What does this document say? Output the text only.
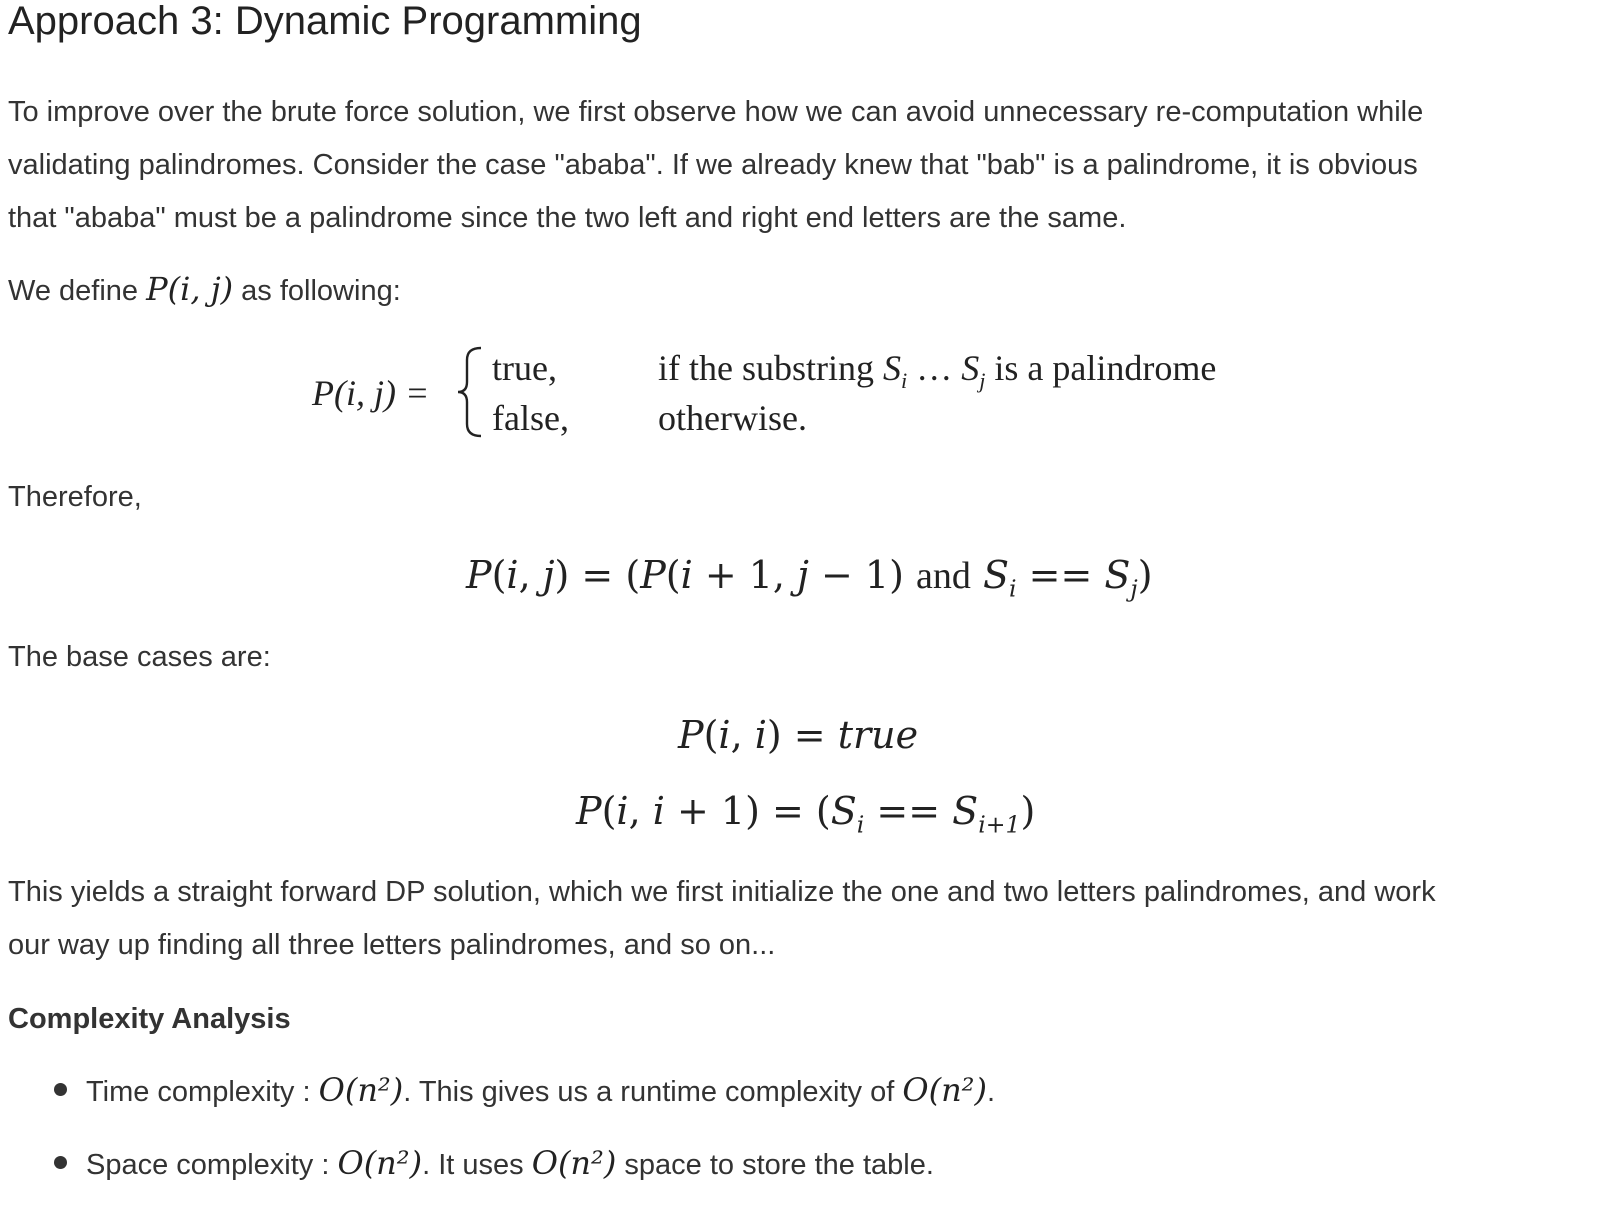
Approach 3: Dynamic Programming
To improve over the brute force solution, we first observe how we can avoid unnecessary re-computation while
validating palindromes. Consider the case "ababa". If we already knew that "bab" is a palindrome, it is obvious
that "ababa" must be a palindrome since the two left and right end letters are the same.
We define P(i, j) as following:
P(i, j) =
true,
false,
if the substring $S_i$ … $S_j$ is a palindrome
otherwise.
Therefore,
P(i, j) = (P(i + 1, j − 1) and $S_i == S_j$)
The base cases are:
P(i, i) = true
P(i, $i + 1) = (S_i == S_{i+1})$
This yields a straight forward DP solution, which we first initialize the one and two letters palindromes, and work
our way up finding all three letters palindromes, and so on...
Complexity Analysis
Time complexity : O(n²). This gives us a runtime complexity of O(n²).
Space complexity : O(n²). It uses O(n²) space to store the table.
